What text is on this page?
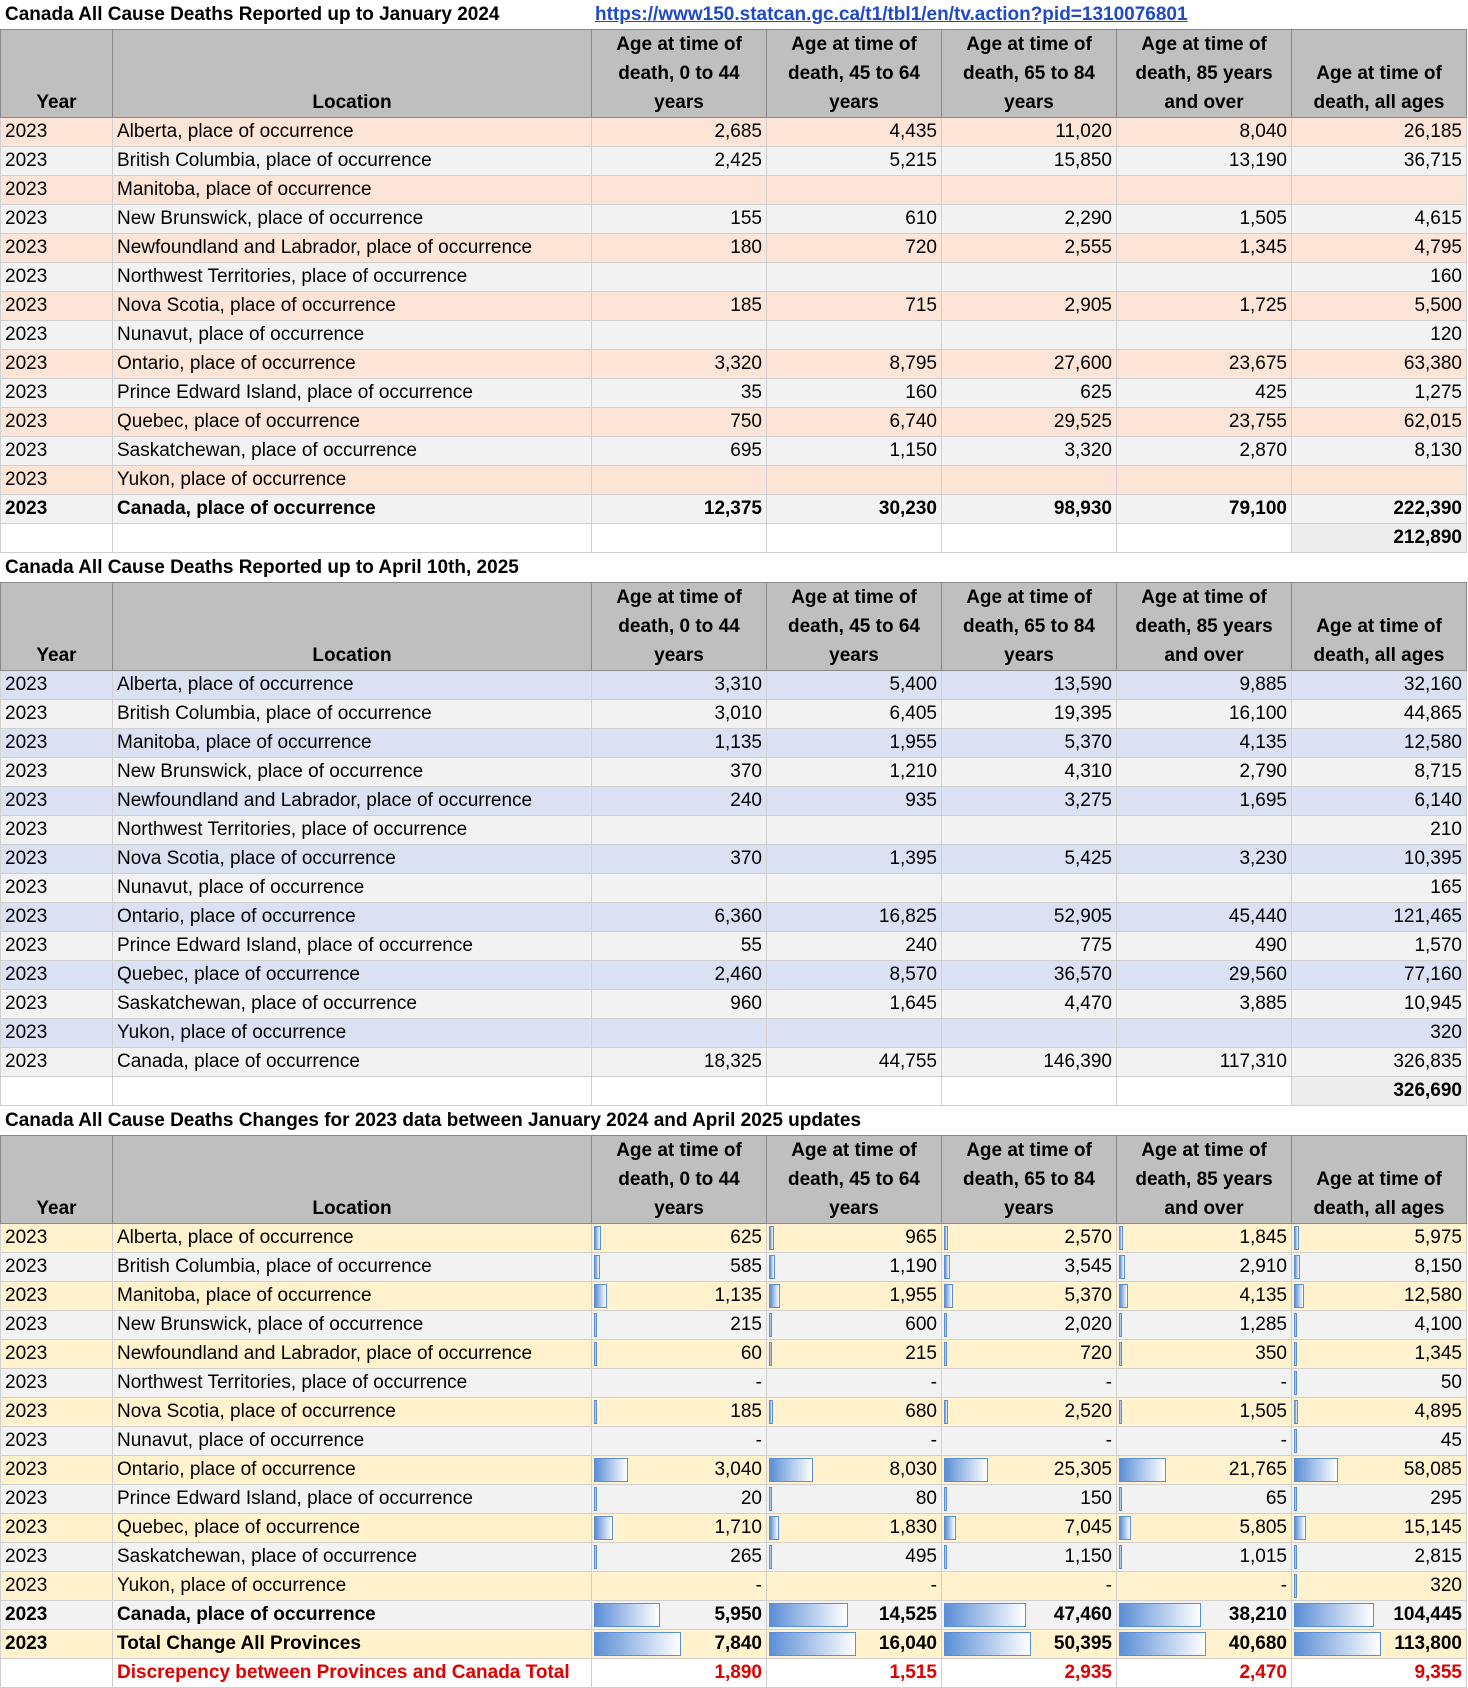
Canada All Cause Deaths Reported up to January 2024	https://www150.statcan.gc.ca/t1/tbl1/en/tv.action?pid=1310076801
Year	Location	Age at time of death, 0 to 44 years	Age at time of death, 45 to 64 years	Age at time of death, 65 to 84 years	Age at time of death, 85 years and over	Age at time of death, all ages
2023	Alberta, place of occurrence	2,685	4,435	11,020	8,040	26,185
2023	British Columbia, place of occurrence	2,425	5,215	15,850	13,190	36,715
2023	Manitoba, place of occurrence					
2023	New Brunswick, place of occurrence	155	610	2,290	1,505	4,615
2023	Newfoundland and Labrador, place of occurrence	180	720	2,555	1,345	4,795
2023	Northwest Territories, place of occurrence					160
2023	Nova Scotia, place of occurrence	185	715	2,905	1,725	5,500
2023	Nunavut, place of occurrence					120
2023	Ontario, place of occurrence	3,320	8,795	27,600	23,675	63,380
2023	Prince Edward Island, place of occurrence	35	160	625	425	1,275
2023	Quebec, place of occurrence	750	6,740	29,525	23,755	62,015
2023	Saskatchewan, place of occurrence	695	1,150	3,320	2,870	8,130
2023	Yukon, place of occurrence					
2023	Canada, place of occurrence	12,375	30,230	98,930	79,100	222,390
						212,890
Canada All Cause Deaths Reported up to April 10th, 2025
Year	Location	Age at time of death, 0 to 44 years	Age at time of death, 45 to 64 years	Age at time of death, 65 to 84 years	Age at time of death, 85 years and over	Age at time of death, all ages
2023	Alberta, place of occurrence	3,310	5,400	13,590	9,885	32,160
2023	British Columbia, place of occurrence	3,010	6,405	19,395	16,100	44,865
2023	Manitoba, place of occurrence	1,135	1,955	5,370	4,135	12,580
2023	New Brunswick, place of occurrence	370	1,210	4,310	2,790	8,715
2023	Newfoundland and Labrador, place of occurrence	240	935	3,275	1,695	6,140
2023	Northwest Territories, place of occurrence					210
2023	Nova Scotia, place of occurrence	370	1,395	5,425	3,230	10,395
2023	Nunavut, place of occurrence					165
2023	Ontario, place of occurrence	6,360	16,825	52,905	45,440	121,465
2023	Prince Edward Island, place of occurrence	55	240	775	490	1,570
2023	Quebec, place of occurrence	2,460	8,570	36,570	29,560	77,160
2023	Saskatchewan, place of occurrence	960	1,645	4,470	3,885	10,945
2023	Yukon, place of occurrence					320
2023	Canada, place of occurrence	18,325	44,755	146,390	117,310	326,835
						326,690
Canada All Cause Deaths Changes for 2023 data between January 2024 and April 2025 updates
Year	Location	Age at time of death, 0 to 44 years	Age at time of death, 45 to 64 years	Age at time of death, 65 to 84 years	Age at time of death, 85 years and over	Age at time of death, all ages
2023	Alberta, place of occurrence	625	965	2,570	1,845	5,975
2023	British Columbia, place of occurrence	585	1,190	3,545	2,910	8,150
2023	Manitoba, place of occurrence	1,135	1,955	5,370	4,135	12,580
2023	New Brunswick, place of occurrence	215	600	2,020	1,285	4,100
2023	Newfoundland and Labrador, place of occurrence	60	215	720	350	1,345
2023	Northwest Territories, place of occurrence	-	-	-	-	50
2023	Nova Scotia, place of occurrence	185	680	2,520	1,505	4,895
2023	Nunavut, place of occurrence	-	-	-	-	45
2023	Ontario, place of occurrence	3,040	8,030	25,305	21,765	58,085
2023	Prince Edward Island, place of occurrence	20	80	150	65	295
2023	Quebec, place of occurrence	1,710	1,830	7,045	5,805	15,145
2023	Saskatchewan, place of occurrence	265	495	1,150	1,015	2,815
2023	Yukon, place of occurrence	-	-	-	-	320
2023	Canada, place of occurrence	5,950	14,525	47,460	38,210	104,445
2023	Total Change All Provinces	7,840	16,040	50,395	40,680	113,800
	Discrepency between Provinces and Canada Total	1,890	1,515	2,935	2,470	9,355
